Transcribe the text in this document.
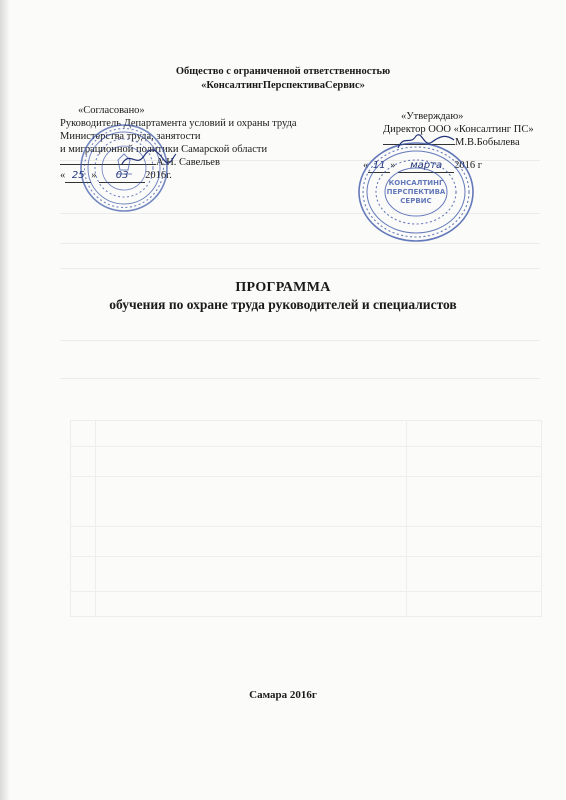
Общество с ограниченной ответственностью
«КонсалтингПерспективаСервис»
«Согласовано»
Руководитель Департамента условий и охраны труда
Министерства труда, занятости
и миграционной политики Самарской области
А.Н. Савельев
« 25 » 03 2016г.
«Утверждаю»
Директор ООО «Консалтинг ПС»
М.В.Бобылева
« 11 » марта 2016 г
КОНСАЛТИНГ
ПЕРСПЕКТИВА
СЕРВИС
ПРОГРАММА
обучения по охране труда руководителей и специалистов
Самара 2016г
